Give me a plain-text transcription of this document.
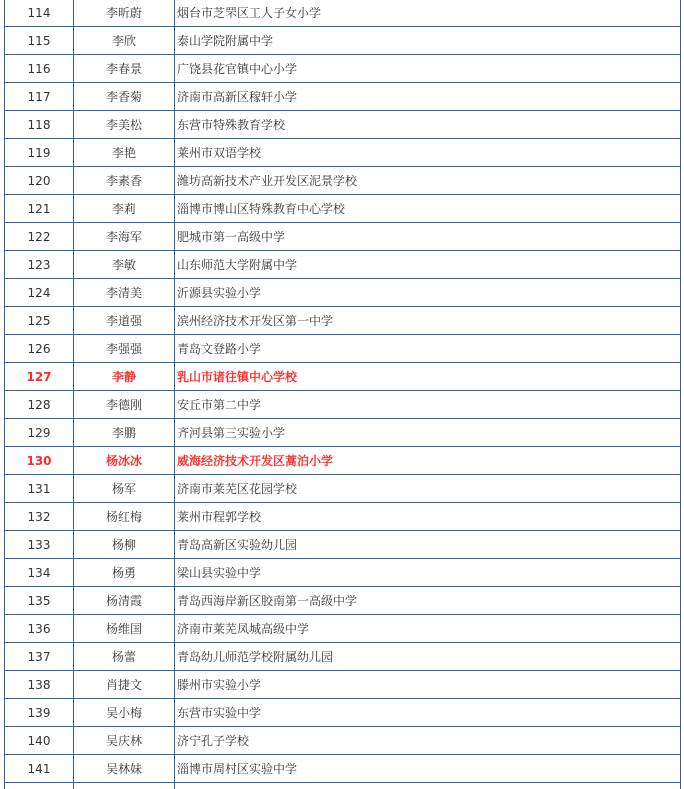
114	李昕蔚	烟台市芝罘区工人子女小学
115	李欣	泰山学院附属中学
116	李春景	广饶县花官镇中心小学
117	李香菊	济南市高新区稼轩小学
118	李美松	东营市特殊教育学校
119	李艳	莱州市双语学校
120	李素香	潍坊高新技术产业开发区泥景学校
121	李莉	淄博市博山区特殊教育中心学校
122	李海军	肥城市第一高级中学
123	李敏	山东师范大学附属中学
124	李清美	沂源县实验小学
125	李道强	滨州经济技术开发区第一中学
126	李强强	青岛文登路小学
127	李静	乳山市诸往镇中心学校
128	李德刚	安丘市第二中学
129	李鹏	齐河县第三实验小学
130	杨冰冰	威海经济技术开发区蒿泊小学
131	杨军	济南市莱芜区花园学校
132	杨红梅	莱州市程郭学校
133	杨柳	青岛高新区实验幼儿园
134	杨勇	梁山县实验中学
135	杨清霞	青岛西海岸新区胶南第一高级中学
136	杨维国	济南市莱芜凤城高级中学
137	杨蕾	青岛幼儿师范学校附属幼儿园
138	肖捷文	滕州市实验小学
139	吴小梅	东营市实验中学
140	吴庆林	济宁孔子学校
141	吴林妹	淄博市周村区实验中学
